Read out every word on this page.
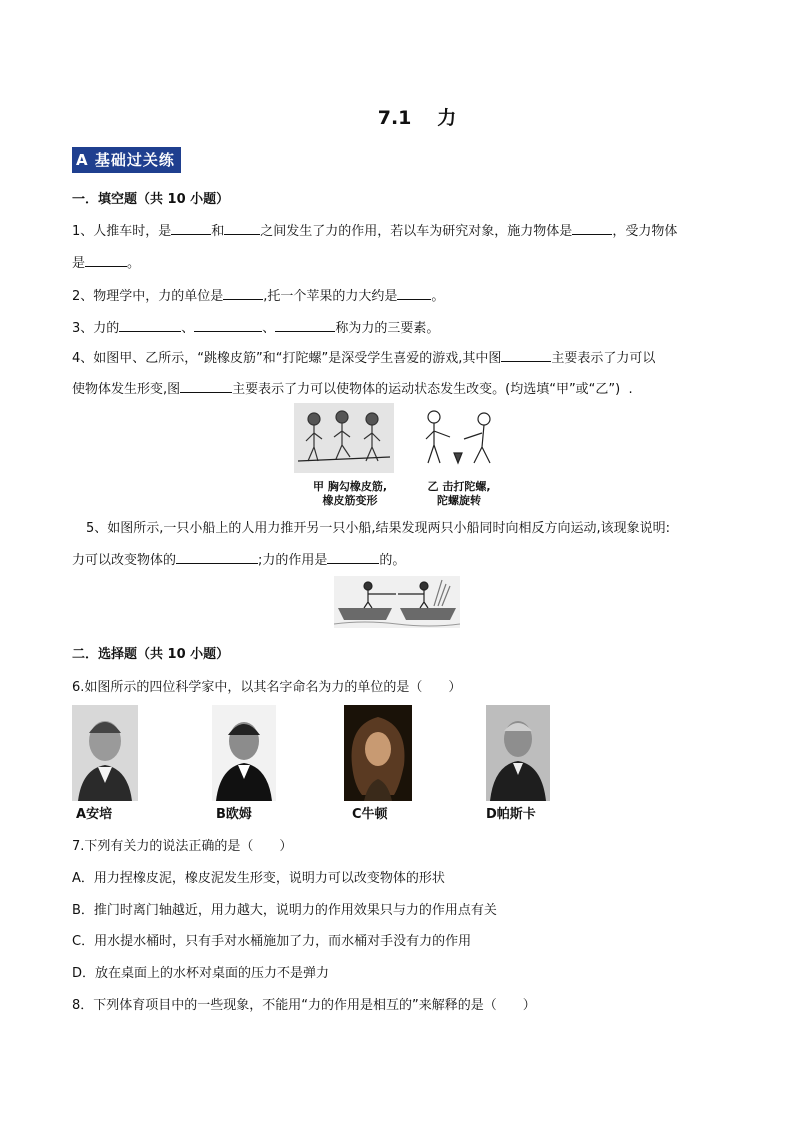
7.1 力
A 基础过关练
一．填空题（共 10 小题）
1、人推车时，是	和	之间发生了力的作用，若以车为研究对象，施力物体是	，受力物体
是	。
2、物理学中，力的单位是	,托一个苹果的力大约是	。
3、力的	、	、	称为力的三要素。
4、如图甲、乙所示，“跳橡皮筋”和“打陀螺”是深受学生喜爱的游戏,其中图	主要表示了力可以
使物体发生形变,图	主要表示了力可以使物体的运动状态发生改变。(均选填“甲”或“乙”) .
甲 胸勾橡皮筋,
橡皮筋变形
乙 击打陀螺,
陀螺旋转
5、如图所示,一只小船上的人用力推开另一只小船,结果发现两只小船同时向相反方向运动,该现象说明:
力可以改变物体的	;力的作用是	的。
二．选择题（共 10 小题）
6.如图所示的四位科学家中，以其名字命名为力的单位的是（　　）
A安培	B欧姆	C牛顿	D帕斯卡
7.下列有关力的说法正确的是（　　）
A．用力捏橡皮泥，橡皮泥发生形变，说明力可以改变物体的形状
B．推门时离门轴越近，用力越大，说明力的作用效果只与力的作用点有关
C．用水提水桶时，只有手对水桶施加了力，而水桶对手没有力的作用
D．放在桌面上的水杯对桌面的压力不是弹力
8．下列体育项目中的一些现象，不能用“力的作用是相互的”来解释的是（　　）
